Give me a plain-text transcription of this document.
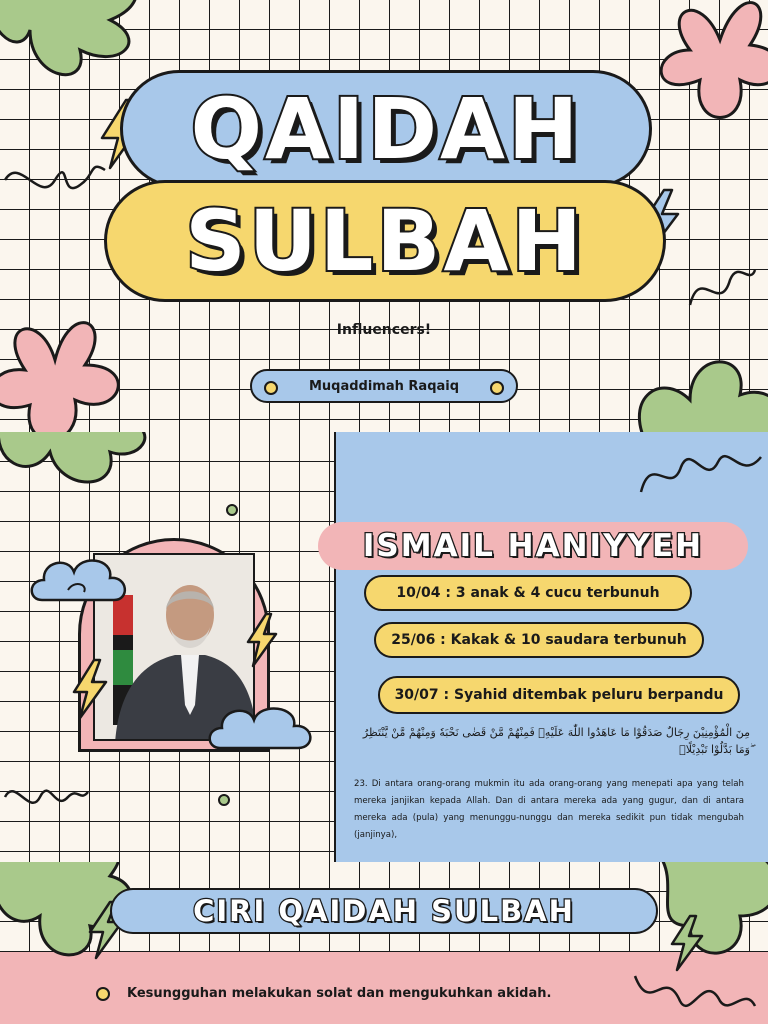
QAIDAH
SULBAH
Influencers!
Muqaddimah Raqaiq
ISMAIL HANIYYEH
10/04 : 3 anak & 4 cucu terbunuh
25/06 : Kakak & 10 saudara terbunuh
30/07 : Syahid ditembak peluru berpandu
مِنَ الْمُؤْمِنِيْنَ رِجَالٌ صَدَقُوْا مَا عَاهَدُوا اللّٰهَ عَلَيْهِۚ فَمِنْهُمْ مَّنْ قَضٰى نَحْبَهٗ وَمِنْهُمْ مَّنْ يَّنْتَظِرُ ۖوَمَا بَدَّلُوْا تَبْدِيْلًاۙ
23. Di antara orang-orang mukmin itu ada orang-orang yang menepati apa yang telah mereka janjikan kepada Allah. Dan di antara mereka ada yang gugur, dan di antara mereka ada (pula) yang menunggu-nunggu dan mereka sedikit pun tidak mengubah (janjinya),
CIRI QAIDAH SULBAH
Kesungguhan melakukan solat dan mengukuhkan akidah.
